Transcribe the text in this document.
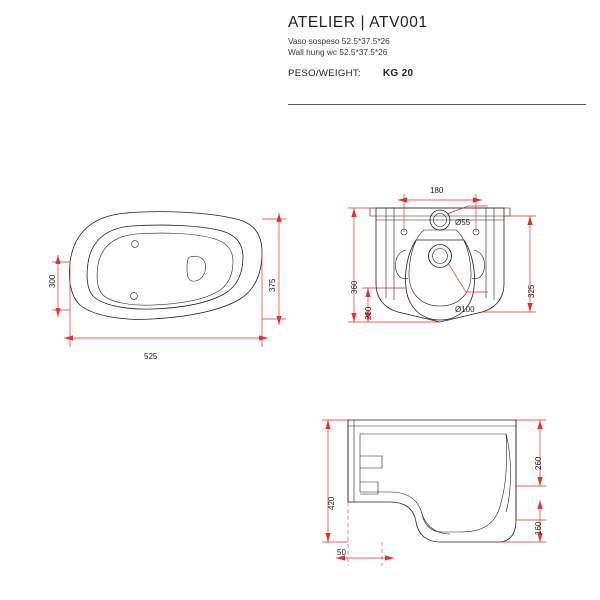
ATELIER | ATV001
Vaso sospeso 52.5*37.5*26
Wall hung wc 52.5*37.5*26
PESO/WEIGHT: KG 20
525
300	375
180
360
230
325
Ø55
Ø100
420
260
160
50
